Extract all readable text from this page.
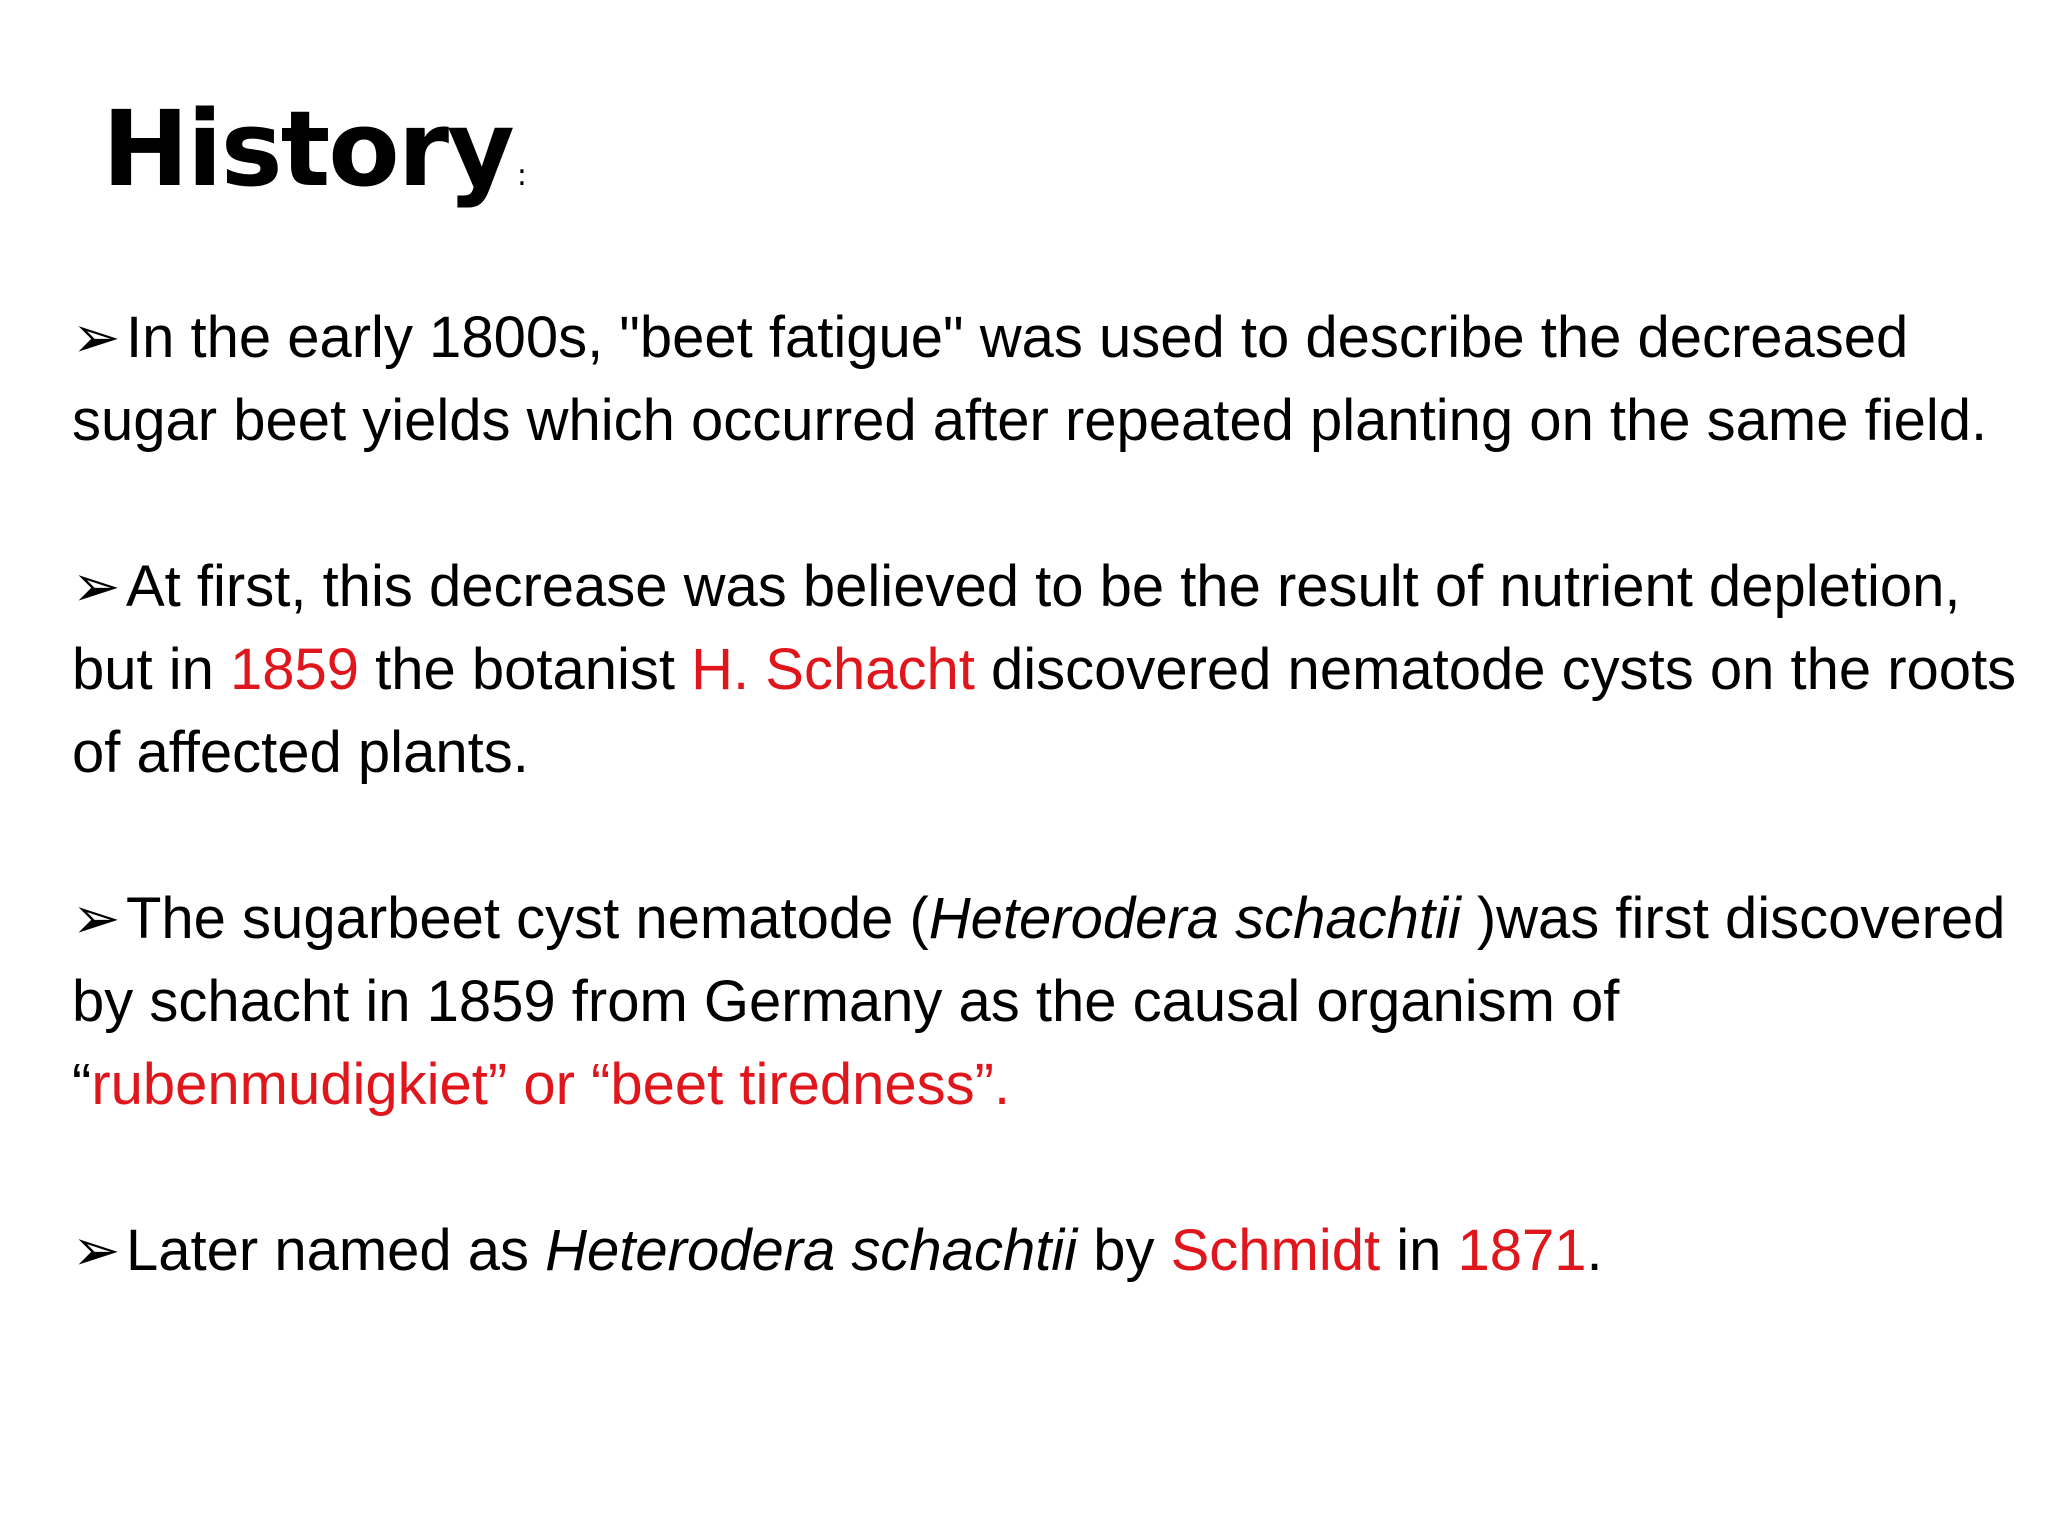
History :
➢In the early 1800s, "beet fatigue" was used to describe the decreased sugar beet yields which occurred after repeated planting on the same field.
➢At first, this decrease was believed to be the result of nutrient depletion, but in 1859 the botanist H. Schacht discovered nematode cysts on the roots of affected plants.
➢The sugarbeet cyst nematode (Heterodera schachtii )was first discovered by schacht in 1859 from Germany as the causal organism of “rubenmudigkiet” or “beet tiredness”.
➢Later named as Heterodera schachtii by Schmidt in 1871.
